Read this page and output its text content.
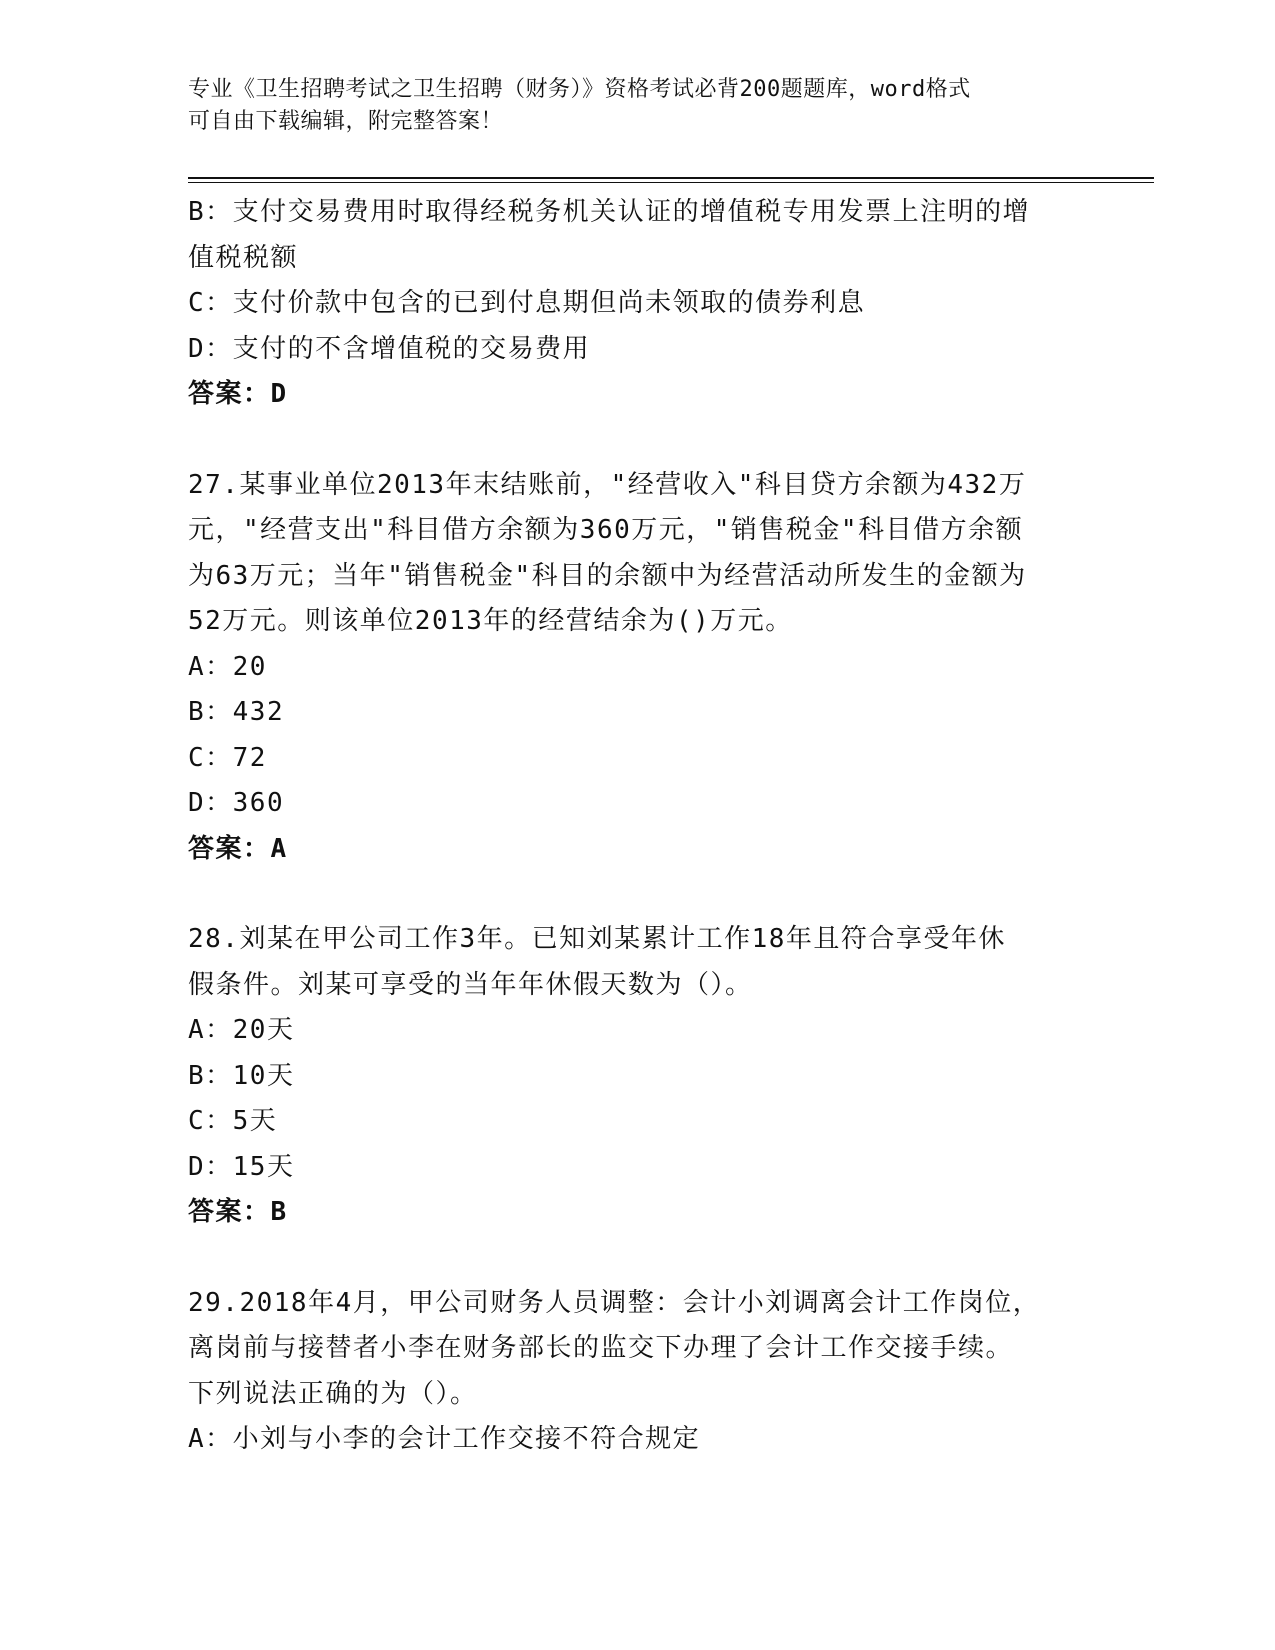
专业《卫生招聘考试之卫生招聘（财务）》资格考试必背200题题库，word格式
可自由下载编辑，附完整答案！
B：支付交易费用时取得经税务机关认证的增值税专用发票上注明的增
值税税额
C：支付价款中包含的已到付息期但尚未领取的债券利息
D：支付的不含增值税的交易费用
答案：D
27.某事业单位2013年末结账前，"经营收入"科目贷方余额为432万
元，"经营支出"科目借方余额为360万元，"销售税金"科目借方余额
为63万元；当年"销售税金"科目的余额中为经营活动所发生的金额为
52万元。则该单位2013年的经营结余为()万元。
A：20
B：432
C：72
D：360
答案：A
28.刘某在甲公司工作3年。已知刘某累计工作18年且符合享受年休
假条件。刘某可享受的当年年休假天数为（）。
A：20天
B：10天
C：5天
D：15天
答案：B
29.2018年4月，甲公司财务人员调整：会计小刘调离会计工作岗位，
离岗前与接替者小李在财务部长的监交下办理了会计工作交接手续。
下列说法正确的为（）。
A：小刘与小李的会计工作交接不符合规定
